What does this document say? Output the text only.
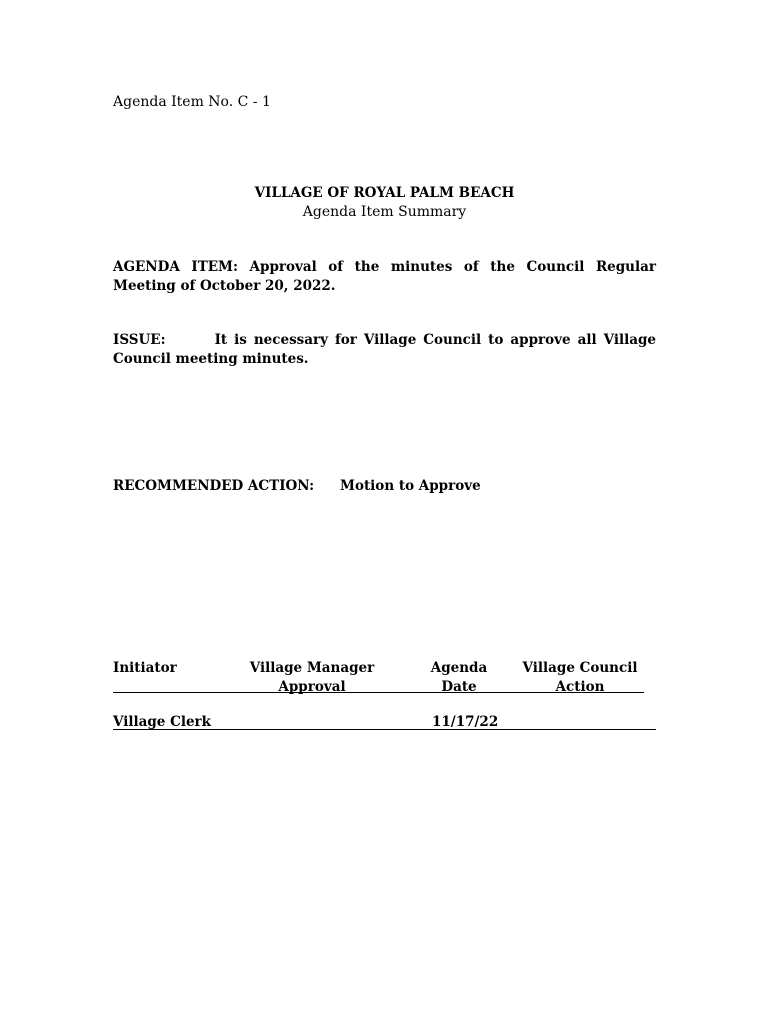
Agenda Item No. C - 1
VILLAGE OF ROYAL PALM BEACH
Agenda Item Summary
AGENDA ITEM: Approval of the minutes of the Council Regular
Meeting of October 20, 2022.
ISSUE:       It is necessary for Village Council to approve all Village
Council meeting minutes.
RECOMMENDED ACTION: Motion to Approve
Initiator	Village Manager
Approval
Agenda
Date
Village Council
Action
Village Clerk	11/17/22
